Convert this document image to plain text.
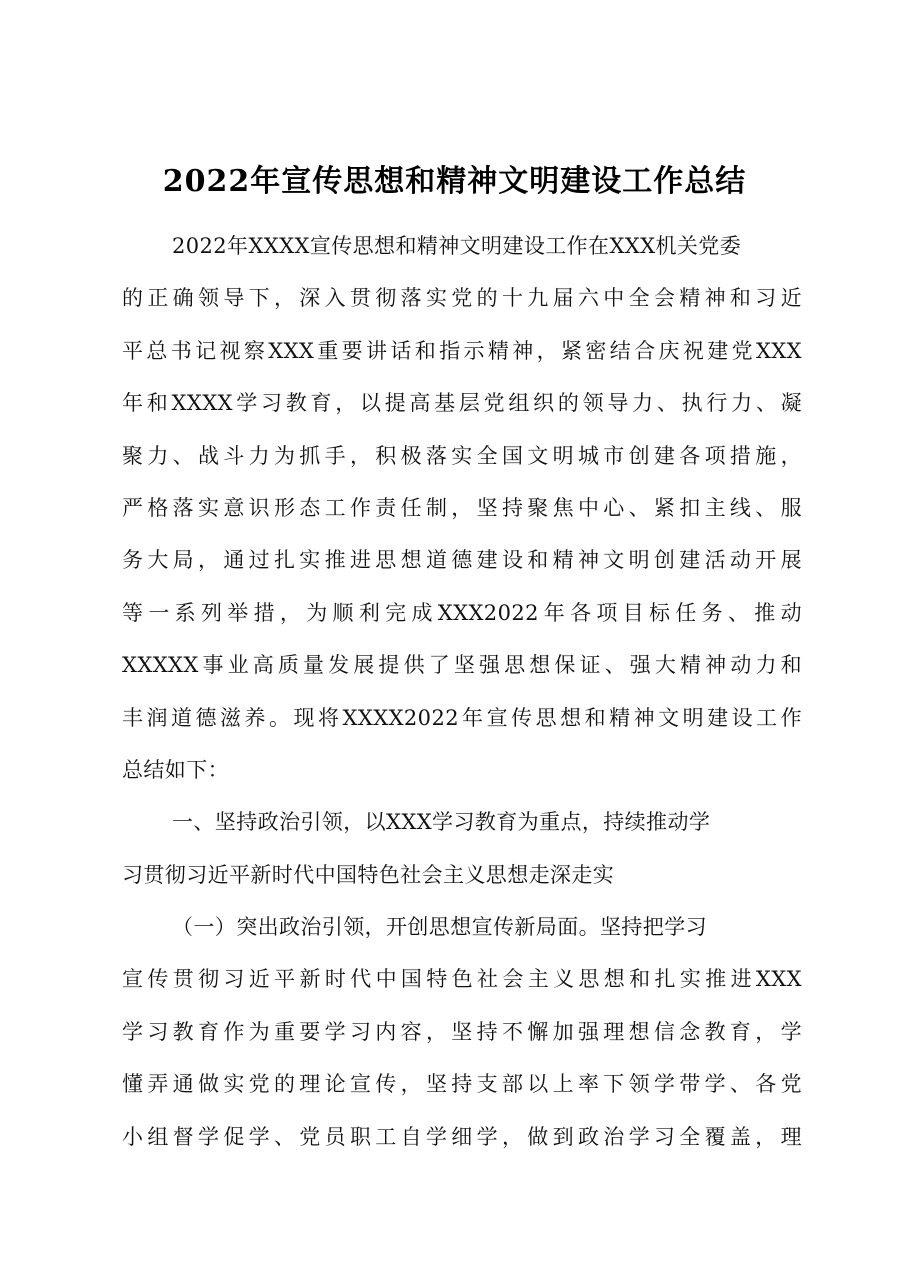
2022年宣传思想和精神文明建设工作总结
2022年XXXX宣传思想和精神文明建设工作在XXX机关党委
的正确领导下，深入贯彻落实党的十九届六中全会精神和习近
平总书记视察XXX重要讲话和指示精神，紧密结合庆祝建党XXX
年和XXXX学习教育，以提高基层党组织的领导力、执行力、凝
聚力、战斗力为抓手，积极落实全国文明城市创建各项措施，
严格落实意识形态工作责任制，坚持聚焦中心、紧扣主线、服
务大局，通过扎实推进思想道德建设和精神文明创建活动开展
等一系列举措，为顺利完成XXX2022年各项目标任务、推动
XXXXX事业高质量发展提供了坚强思想保证、强大精神动力和
丰润道德滋养。现将XXXX2022年宣传思想和精神文明建设工作
总结如下：
一、坚持政治引领，以XXX学习教育为重点，持续推动学
习贯彻习近平新时代中国特色社会主义思想走深走实
（一）突出政治引领，开创思想宣传新局面。坚持把学习
宣传贯彻习近平新时代中国特色社会主义思想和扎实推进XXX
学习教育作为重要学习内容，坚持不懈加强理想信念教育，学
懂弄通做实党的理论宣传，坚持支部以上率下领学带学、各党
小组督学促学、党员职工自学细学，做到政治学习全覆盖，理
